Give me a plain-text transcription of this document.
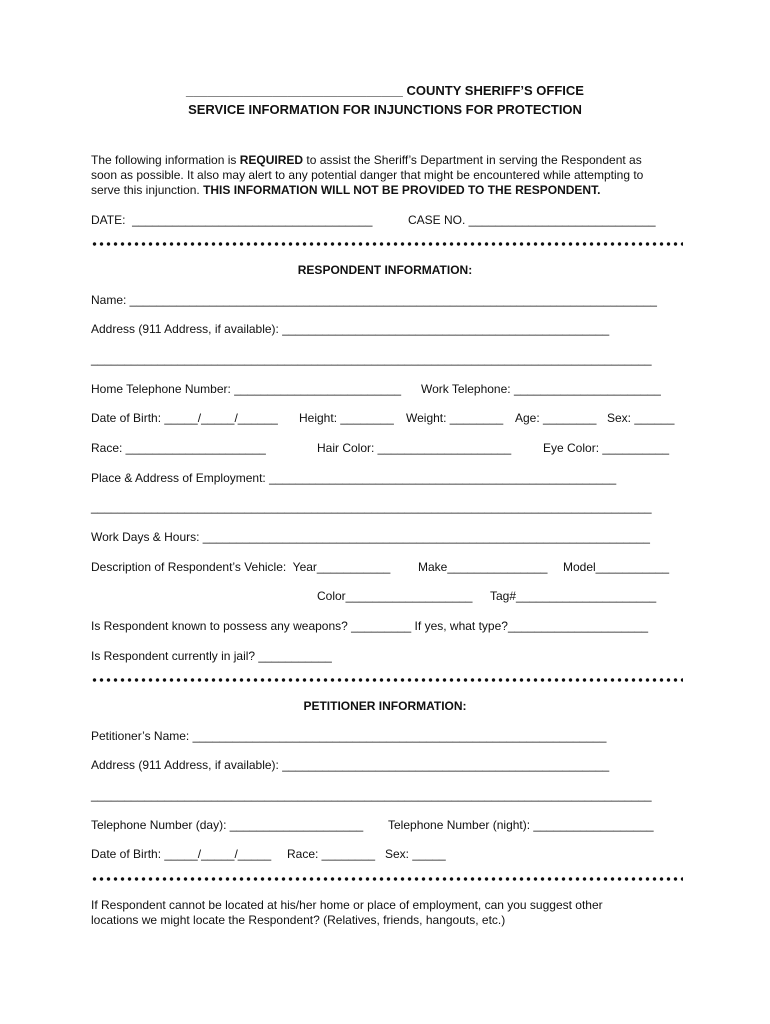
______________________________ COUNTY SHERIFF’S OFFICE
SERVICE INFORMATION FOR INJUNCTIONS FOR PROTECTION
The following information is REQUIRED to assist the Sheriff’s Department in serving the Respondent as
soon as possible. It also may alert to any potential danger that might be encountered while attempting to
serve this injunction. THIS INFORMATION WILL NOT BE PROVIDED TO THE RESPONDENT.
DATE:  ____________________________________	CASE NO. ____________________________
RESPONDENT INFORMATION:
Name: _______________________________________________________________________________
Address (911 Address, if available): _________________________________________________
____________________________________________________________________________________
Home Telephone Number: _________________________ Work Telephone: ______________________
Date of Birth: _____/_____/______ Height: ________ Weight: ________ Age: ________ Sex: ______
Race: _____________________	Hair Color: ____________________	Eye Color: __________
Place & Address of Employment: ____________________________________________________
____________________________________________________________________________________
Work Days & Hours: ___________________________________________________________________
Description of Respondent’s Vehicle:  Year___________ Make_______________ Model___________
Color___________________ Tag#_____________________
Is Respondent known to possess any weapons? _________ If yes, what type?_____________________
Is Respondent currently in jail? ___________
PETITIONER INFORMATION:
Petitioner’s Name: ______________________________________________________________
Address (911 Address, if available): _________________________________________________
____________________________________________________________________________________
Telephone Number (day): ____________________ Telephone Number (night): __________________
Date of Birth: _____/_____/_____ Race: ________ Sex: _____
If Respondent cannot be located at his/her home or place of employment, can you suggest other
locations we might locate the Respondent? (Relatives, friends, hangouts, etc.)
